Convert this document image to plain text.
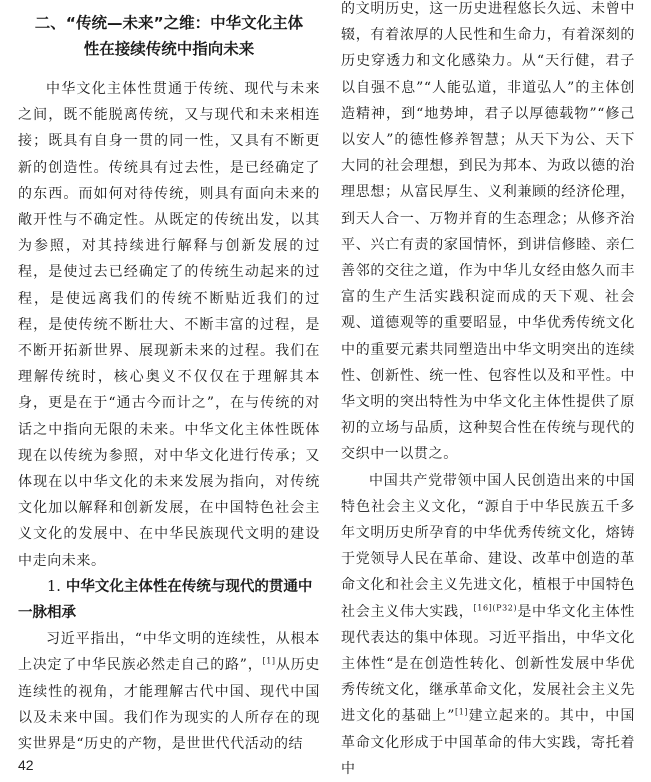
二、“传统—未来”之维：中华文化主体
性在接续传统中指向未来

中华文化主体性贯通于传统、现代与未来之间，既不能脱离传统，又与现代和未来相连接；既具有自身一贯的同一性，又具有不断更新的创造性。传统具有过去性，是已经确定了的东西。而如何对待传统，则具有面向未来的敞开性与不确定性。从既定的传统出发，以其为参照，对其持续进行解释与创新发展的过程，是使过去已经确定了的传统生动起来的过程，是使远离我们的传统不断贴近我们的过程，是使传统不断壮大、不断丰富的过程，是不断开拓新世界、展现新未来的过程。我们在理解传统时，核心奥义不仅仅在于理解其本身，更是在于“通古今而计之”，在与传统的对话之中指向无限的未来。中华文化主体性既体现在以传统为参照，对中华文化进行传承；又体现在以中华文化的未来发展为指向，对传统文化加以解释和创新发展，在中国特色社会主义文化的发展中、在中华民族现代文明的建设中走向未来。

1. 中华文化主体性在传统与现代的贯通中一脉相承

习近平指出，“中华文明的连续性，从根本上决定了中华民族必然走自己的路”，[1]从历史连续性的视角，才能理解古代中国、现代中国以及未来中国。我们作为现实的人所存在的现实世界是“历史的产物，是世世代代活动的结

的文明历史，这一历史进程悠长久远、未曾中辍，有着浓厚的人民性和生命力，有着深刻的历史穿透力和文化感染力。从“天行健，君子以自强不息”“人能弘道，非道弘人”的主体创造精神，到“地势坤，君子以厚德载物”“修己以安人”的德性修养智慧；从天下为公、天下大同的社会理想，到民为邦本、为政以德的治理思想；从富民厚生、义利兼顾的经济伦理，到天人合一、万物并育的生态理念；从修齐治平、兴亡有责的家国情怀，到讲信修睦、亲仁善邻的交往之道，作为中华儿女经由悠久而丰富的生产生活实践积淀而成的天下观、社会观、道德观等的重要昭显，中华优秀传统文化中的重要元素共同塑造出中华文明突出的连续性、创新性、统一性、包容性以及和平性。中华文明的突出特性为中华文化主体性提供了原初的立场与品质，这种契合性在传统与现代的交织中一以贯之。

中国共产党带领中国人民创造出来的中国特色社会主义文化，“源自于中华民族五千多年文明历史所孕育的中华优秀传统文化，熔铸于党领导人民在革命、建设、改革中创造的革命文化和社会主义先进文化，植根于中国特色社会主义伟大实践，$^{[16](P32)}$是中华文化主体性现代表达的集中体现。习近平指出，中华文化主体性“是在创造性转化、创新性发展中华优秀传统文化，继承革命文化，发展社会主义先进文化的基础上”[1]建立起来的。其中，中国革命文化形成于中国革命的伟大实践，寄托着中

42
